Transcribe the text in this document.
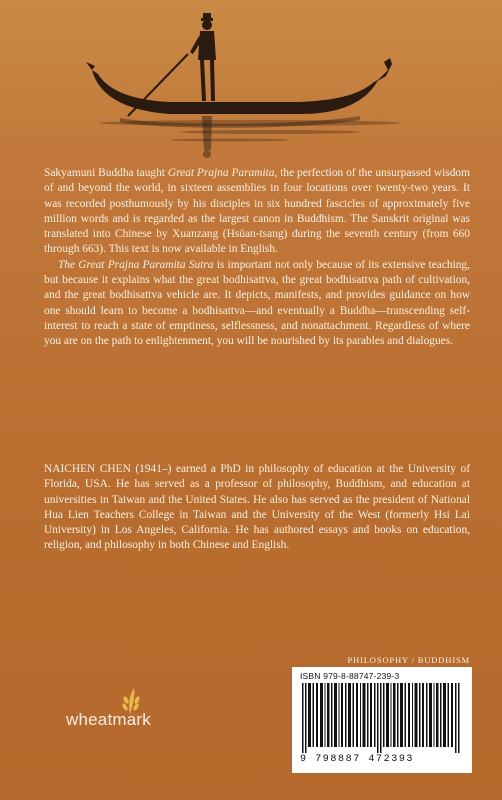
Sakyamuni Buddha taught Great Prajna Paramita, the perfection of the unsurpassed wisdom of and beyond the world, in sixteen assemblies in four locations over twenty-two years. It was recorded posthumously by his disciples in six hundred fascicles of approximately five million words and is regarded as the largest canon in Buddhism. The Sanskrit original was translated into Chinese by Xuanzang (Hsüan-tsang) during the seventh century (from 660 through 663). This text is now available in English.

The Great Prajna Paramita Sutra is important not only because of its extensive teaching, but because it explains what the great bodhisattva, the great bodhisattva path of cultivation, and the great bodhisattva vehicle are. It depicts, manifests, and provides guidance on how one should learn to become a bodhisattva—and eventually a Buddha—transcending self-interest to reach a state of emptiness, selflessness, and nonattachment. Regardless of where you are on the path to enlightenment, you will be nourished by its parables and dialogues.

NAICHEN CHEN (1941–) earned a PhD in philosophy of education at the University of Florida, USA. He has served as a professor of philosophy, Buddhism, and education at universities in Taiwan and the United States. He also has served as the president of National Hua Lien Teachers College in Taiwan and the University of the West (formerly Hsi Lai University) in Los Angeles, California. He has authored essays and books on education, religion, and philosophy in both Chinese and English.
PHILOSOPHY / BUDDHISM
ISBN 979-8-88747-239-3
9 798887 472393
wheatmark
